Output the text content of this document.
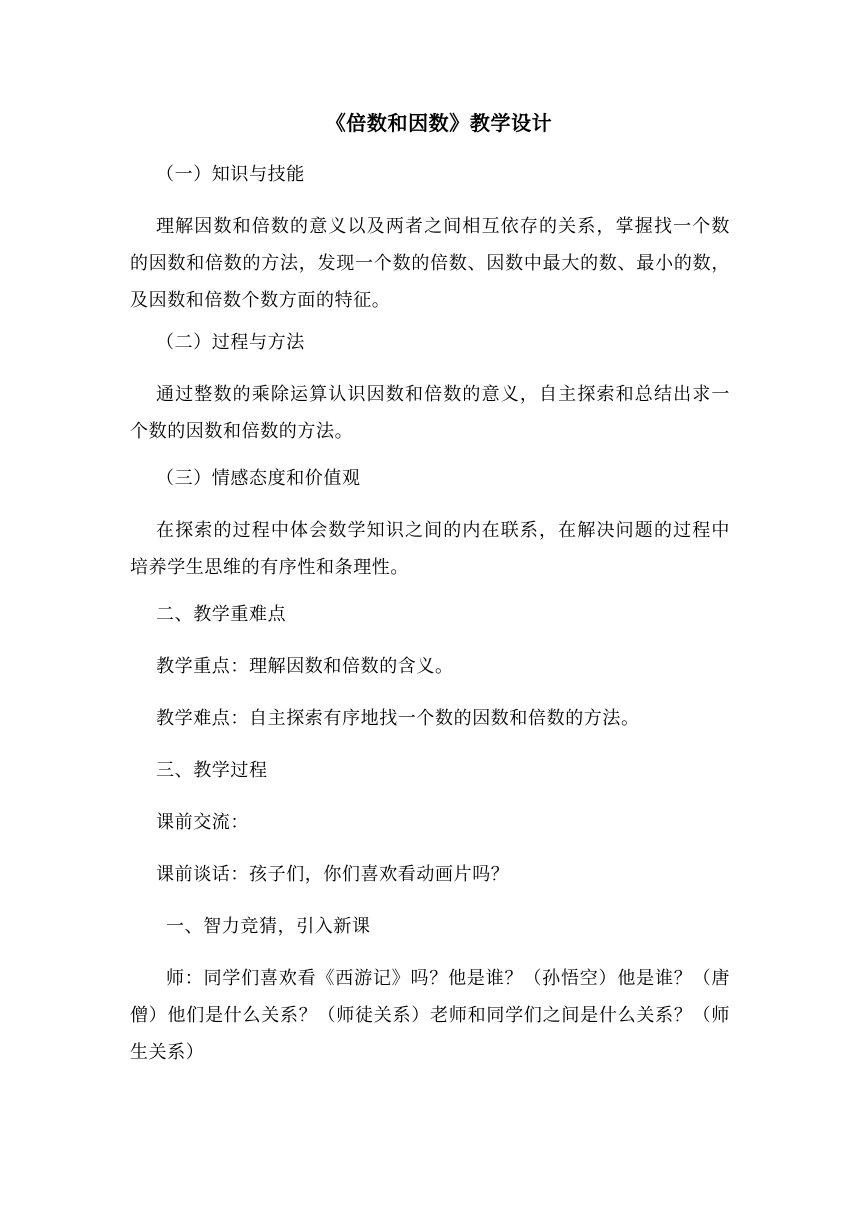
《倍数和因数》教学设计
（一）知识与技能
理解因数和倍数的意义以及两者之间相互依存的关系，掌握找一个数的因数和倍数的方法，发现一个数的倍数、因数中最大的数、最小的数，及因数和倍数个数方面的特征。
（二）过程与方法
通过整数的乘除运算认识因数和倍数的意义，自主探索和总结出求一个数的因数和倍数的方法。
（三）情感态度和价值观
在探索的过程中体会数学知识之间的内在联系，在解决问题的过程中培养学生思维的有序性和条理性。
二、教学重难点
教学重点：理解因数和倍数的含义。
教学难点：自主探索有序地找一个数的因数和倍数的方法。
三、教学过程
课前交流：
课前谈话：孩子们，你们喜欢看动画片吗？
一、智力竞猜，引入新课
师：同学们喜欢看《西游记》吗？他是谁？（孙悟空）他是谁？（唐僧）他们是什么关系？（师徒关系）老师和同学们之间是什么关系？（师生关系）
